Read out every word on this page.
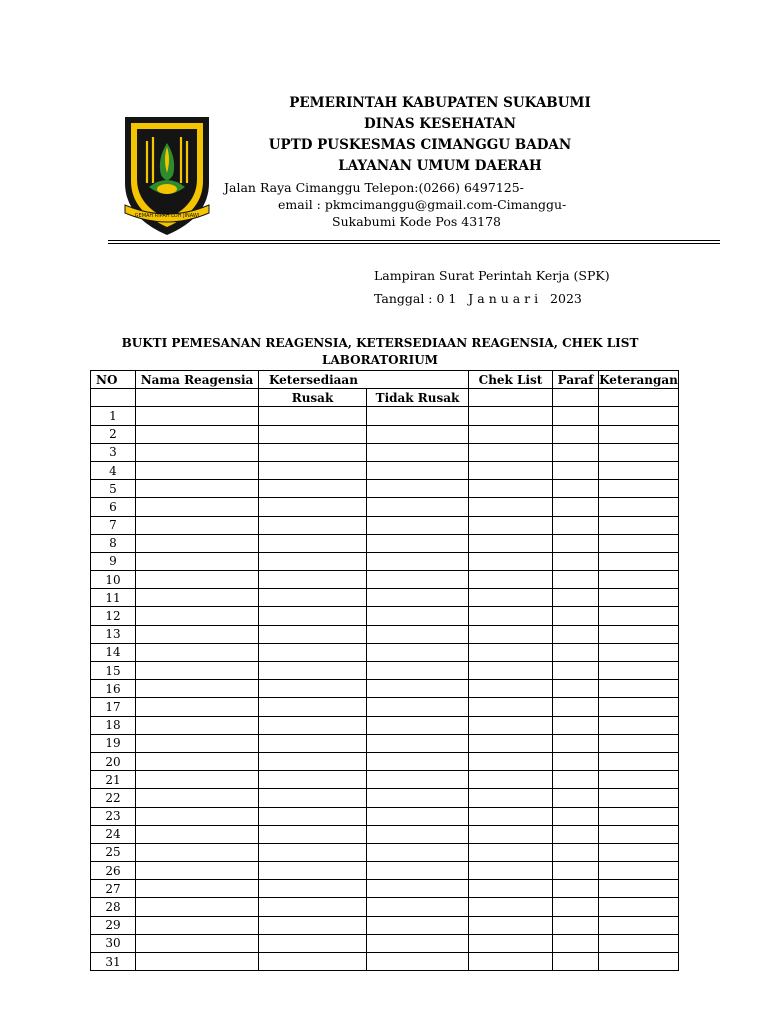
GEMAH RIPAH LOH JINAWI
PEMERINTAH KABUPATEN SUKABUMI
DINAS KESEHATAN
UPTD PUSKESMAS CIMANGGU BADAN
LAYANAN UMUM DAERAH
Jalan Raya Cimanggu Telepon:(0266) 6497125-
email : pkmcimanggu@gmail.com-Cimanggu-
Sukabumi Kode Pos 43178
Lampiran Surat Perintah Kerja (SPK)
Tanggal : 0 1   J a n u a r i   2023
BUKTI PEMESANAN REAGENSIA, KETERSEDIAAN REAGENSIA, CHEK LIST
LABORATORIUM
NO	Nama Reagensia	Ketersediaan		Chek List	Paraf	Keterangan
		Rusak	Tidak Rusak			
1						
2						
3						
4						
5						
6						
7						
8						
9						
10						
11						
12						
13						
14						
15						
16						
17						
18						
19						
20						
21						
22						
23						
24						
25						
26						
27						
28						
29						
30						
31						
